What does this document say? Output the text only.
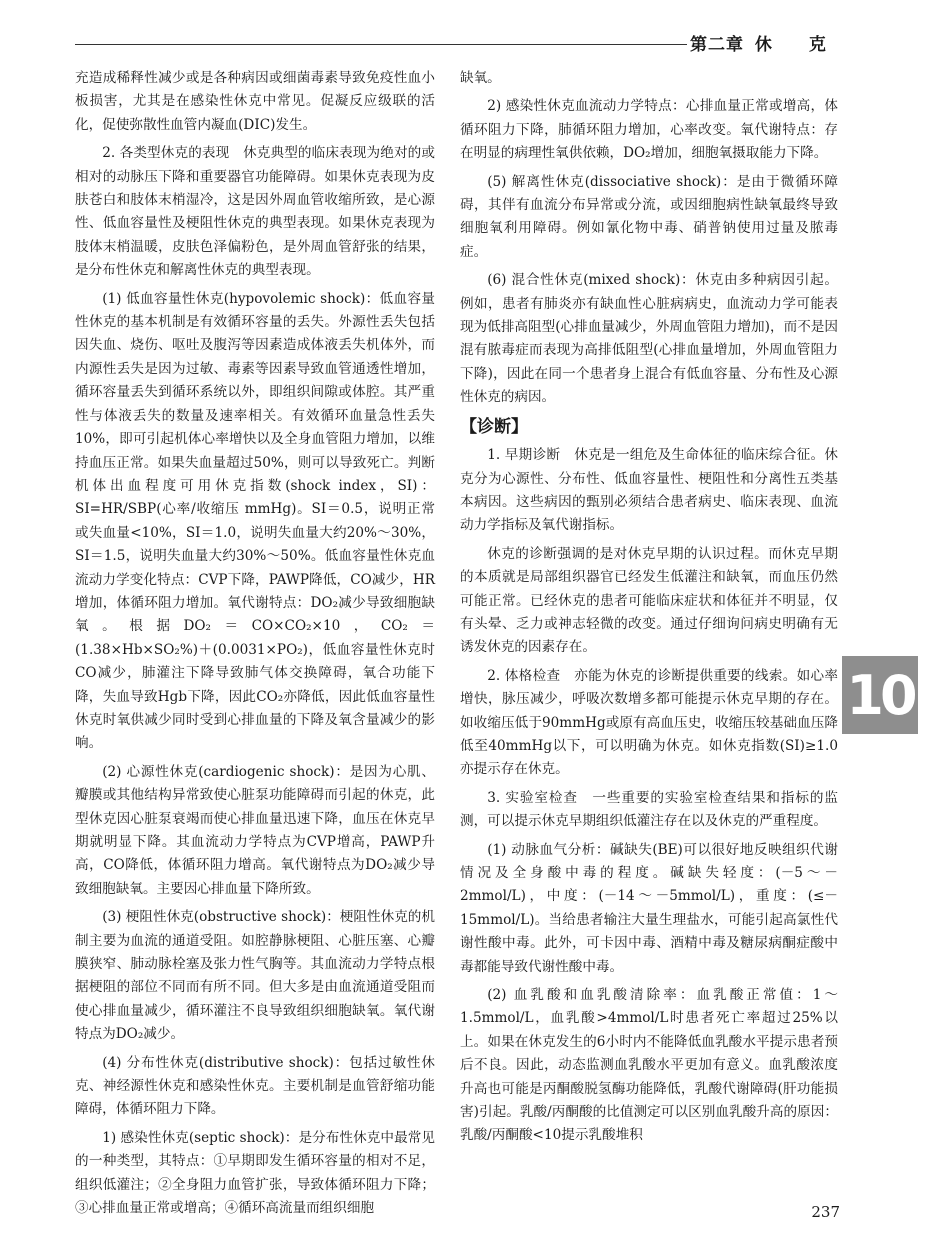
第二章 休　　克

充造成稀释性减少或是各种病因或细菌毒素导致免疫性血小板损害，尤其是在感染性休克中常见。促凝反应级联的活化，促使弥散性血管内凝血(DIC)发生。

2. 各类型休克的表现　休克典型的临床表现为绝对的或相对的动脉压下降和重要器官功能障碍。如果休克表现为皮肤苍白和肢体末梢湿冷，这是因外周血管收缩所致，是心源性、低血容量性及梗阻性休克的典型表现。如果休克表现为肢体末梢温暖，皮肤色泽偏粉色，是外周血管舒张的结果，是分布性休克和解离性休克的典型表现。

(1) 低血容量性休克(hypovolemic shock)：低血容量性休克的基本机制是有效循环容量的丢失。外源性丢失包括因失血、烧伤、呕吐及腹泻等因素造成体液丢失机体外，而内源性丢失是因为过敏、毒素等因素导致血管通透性增加，循环容量丢失到循环系统以外，即组织间隙或体腔。其严重性与体液丢失的数量及速率相关。有效循环血量急性丢失10%，即可引起机体心率增快以及全身血管阻力增加，以维持血压正常。如果失血量超过50%，则可以导致死亡。判断机体出血程度可用休克指数(shock index，SI)：SI=HR/SBP(心率/收缩压 mmHg)。SI＝0.5，说明正常或失血量<10%，SI＝1.0，说明失血量大约20%～30%，SI＝1.5，说明失血量大约30%～50%。低血容量性休克血流动力学变化特点：CVP下降，PAWP降低，CO减少，HR增加，体循环阻力增加。氧代谢特点：DO₂减少导致细胞缺氧。根据DO₂＝CO×CO₂×10，CO₂＝(1.38×Hb×SO₂%)＋(0.0031×PO₂)，低血容量性休克时CO减少，肺灌注下降导致肺气体交换障碍，氧合功能下降，失血导致Hgb下降，因此CO₂亦降低，因此低血容量性休克时氧供减少同时受到心排血量的下降及氧含量减少的影响。

(2) 心源性休克(cardiogenic shock)：是因为心肌、瓣膜或其他结构异常致使心脏泵功能障碍而引起的休克，此型休克因心脏泵衰竭而使心排血量迅速下降，血压在休克早期就明显下降。其血流动力学特点为CVP增高，PAWP升高，CO降低，体循环阻力增高。氧代谢特点为DO₂减少导致细胞缺氧。主要因心排血量下降所致。

(3) 梗阻性休克(obstructive shock)：梗阻性休克的机制主要为血流的通道受阻。如腔静脉梗阻、心脏压塞、心瓣膜狭窄、肺动脉栓塞及张力性气胸等。其血流动力学特点根据梗阻的部位不同而有所不同。但大多是由血流通道受阻而使心排血量减少，循环灌注不良导致组织细胞缺氧。氧代谢特点为DO₂减少。

(4) 分布性休克(distributive shock)：包括过敏性休克、神经源性休克和感染性休克。主要机制是血管舒缩功能障碍，体循环阻力下降。

1) 感染性休克(septic shock)：是分布性休克中最常见的一种类型，其特点：①早期即发生循环容量的相对不足，组织低灌注；②全身阻力血管扩张，导致体循环阻力下降；③心排血量正常或增高；④循环高流量而组织细胞

缺氧。

2) 感染性休克血流动力学特点：心排血量正常或增高，体循环阻力下降，肺循环阻力增加，心率改变。氧代谢特点：存在明显的病理性氧供依赖，DO₂增加，细胞氧摄取能力下降。

(5) 解离性休克(dissociative shock)：是由于微循环障碍，其伴有血流分布异常或分流，或因细胞病性缺氧最终导致细胞氧利用障碍。例如氰化物中毒、硝普钠使用过量及脓毒症。

(6) 混合性休克(mixed shock)：休克由多种病因引起。例如，患者有肺炎亦有缺血性心脏病病史，血流动力学可能表现为低排高阻型(心排血量减少，外周血管阻力增加)，而不是因混有脓毒症而表现为高排低阻型(心排血量增加，外周血管阻力下降)，因此在同一个患者身上混合有低血容量、分布性及心源性休克的病因。

【诊断】

1. 早期诊断　休克是一组危及生命体征的临床综合征。休克分为心源性、分布性、低血容量性、梗阻性和分离性五类基本病因。这些病因的甄别必须结合患者病史、临床表现、血流动力学指标及氧代谢指标。

休克的诊断强调的是对休克早期的认识过程。而休克早期的本质就是局部组织器官已经发生低灌注和缺氧，而血压仍然可能正常。已经休克的患者可能临床症状和体征并不明显，仅有头晕、乏力或神志轻微的改变。通过仔细询问病史明确有无诱发休克的因素存在。

2. 体格检查　亦能为休克的诊断提供重要的线索。如心率增快，脉压减少，呼吸次数增多都可能提示休克早期的存在。如收缩压低于90mmHg或原有高血压史，收缩压较基础血压降低至40mmHg以下，可以明确为休克。如休克指数(SI)≥1.0亦提示存在休克。

3. 实验室检查　一些重要的实验室检查结果和指标的监测，可以提示休克早期组织低灌注存在以及休克的严重程度。

(1) 动脉血气分析：碱缺失(BE)可以很好地反映组织代谢情况及全身酸中毒的程度。碱缺失轻度：(－5～－2mmol/L)，中度：(－14～－5mmol/L)，重度：(≤－15mmol/L)。当给患者输注大量生理盐水，可能引起高氯性代谢性酸中毒。此外，可卡因中毒、酒精中毒及糖尿病酮症酸中毒都能导致代谢性酸中毒。

(2) 血乳酸和血乳酸清除率：血乳酸正常值：1～1.5mmol/L，血乳酸>4mmol/L时患者死亡率超过25%以上。如果在休克发生的6小时内不能降低血乳酸水平提示患者预后不良。因此，动态监测血乳酸水平更加有意义。血乳酸浓度升高也可能是丙酮酸脱氢酶功能降低，乳酸代谢障碍(肝功能损害)引起。乳酸/丙酮酸的比值测定可以区别血乳酸升高的原因：乳酸/丙酮酸<10提示乳酸堆积

10
237
